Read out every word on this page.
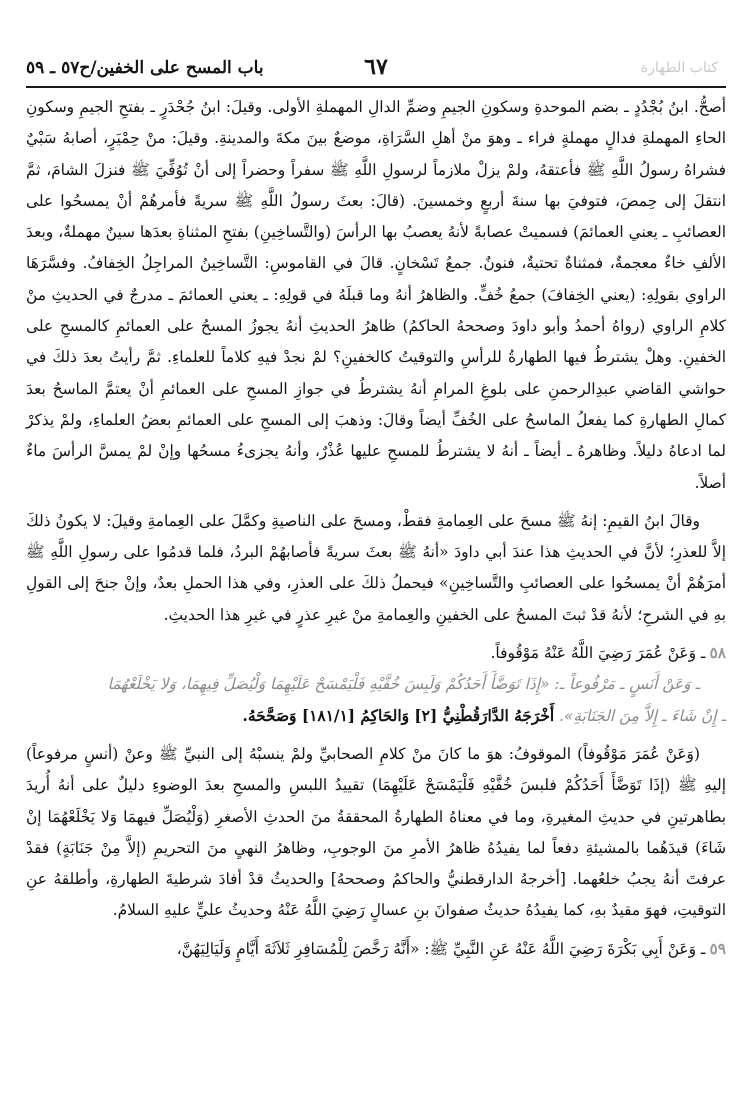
باب المسح على الخفين/ح٥٧ ـ ٥٩	٦٧	كتاب الطهارة

أصحُّ. ابنُ بُجْدُدٍ ـ بضم الموحدةِ وسكونِ الجيمِ وضمِّ الدالِ المهملةِ الأولى. وقيلَ: ابنُ جُحْدَرٍ ـ بفتحِ الجيمِ وسكونِ الحاءِ المهملةِ فدالٍ مهملةٍ فراء ـ وهوَ منْ أهلِ السَّرَاةِ، موضعٌ بينَ مكةَ والمدينةِ. وقيلَ: منْ حِمْيَرٍ، أصابهُ سَبْيٌ فشراهُ رسولُ اللَّهِ ﷺ فأعتقهُ، ولمْ يزلْ ملازماً لرسولِ اللَّهِ ﷺ سفراً وحضراً إلى أنْ تُوُفِّيَ ﷺ فنزلَ الشامَ، ثمَّ انتقلَ إلى حِمصَ، فتوفيَ بها سنةَ أربعٍ وخمسينَ. (قالَ: بعثَ رسولُ اللَّهِ ﷺ سريةً فأمرهُمْ أنْ يمسحُوا على العصائبِ ـ يعني العمائمَ) فسميتْ عصابةً لأنهُ يعصبُ بها الرأسَ (والتَّساخِينِ) بفتحِ المثناةِ بعدَها سينٌ مهملةٌ، وبعدَ الألفِ خاءٌ معجمةٌ، فمثناةٌ تحتيةٌ، فنونٌ. جمعُ تَسْخانٍ. قالَ في القاموسِ: التَّساخِينُ المراجِلُ الخِفافُ. وفسَّرَهَا الراوي بقولِهِ: (يعني الخِفافَ) جمعُ خُفٍّ. والظاهرُ أنهُ وما قبلَهُ في قولِهِ: ـ يعني العمائمَ ـ مدرجٌ في الحديثِ منْ كلامِ الراوي (رواهُ أحمدُ وأبو داودَ وصححهُ الحاكمُ) ظاهرُ الحديثِ أنهُ يجوزُ المسحُ على العمائمِ كالمسحِ على الخفينِ. وهلْ يشترطُ فيها الطهارةُ للرأسِ والتوقيتُ كالخفينِ؟ لمْ نجدْ فيهِ كلاماً للعلماءِ. ثمَّ رأيتُ بعدَ ذلكَ في حواشي القاضي عبدِالرحمنِ على بلوغِ المرامِ أنهُ يشترطُ في جوازِ المسحِ على العمائمِ أنْ يعتمَّ الماسحُ بعدَ كمالِ الطهارةِ كما يفعلُ الماسحُ على الخُفِّ أيضاً وقالَ: وذهبَ إلى المسحِ على العمائمِ بعضُ العلماءِ، ولمْ يذكرْ لما ادعاهُ دليلاً. وظاهرهُ ـ أيضاً ـ أنهُ لا يشترطُ للمسحِ عليها عُذْرٌ، وأنهُ يجزىءُ مسحُها وإنْ لمْ يمسَّ الرأسَ ماءٌ أصلاً.

وقالَ ابنُ القيمِ: إنهُ ﷺ مسحَ على العِمامةِ فقطْ، ومسحَ على الناصيةِ وكمَّلَ على العِمامةِ وقيلَ: لا يكونُ ذلكَ إلاَّ للعذرِ؛ لأنَّ في الحديثِ هذا عندَ أبي داودَ «أنهُ ﷺ بعثَ سريةً فأصابهُمْ البردُ، فلما قدمُوا على رسولِ اللَّهِ ﷺ أمرَهُمْ أنْ يمسحُوا على العصائبِ والتَّساخِينِ» فيحملُ ذلكَ على العذرِ، وفي هذا الحملِ بعدٌ، وإنْ جنحَ إلى القولِ بهِ في الشرحِ؛ لأنهُ قدْ ثبتَ المسحُ على الخفينِ والعِمامةِ منْ غيرِ عذرٍ في غيرِ هذا الحديثِ.

٥٨ـ وَعَنْ عُمَرَ رَضِيَ اللَّهُ عَنْهُ مَوْقُوفاً.

ـ وَعَنْ أَنَسٍ ـ مَرْفُوعاً ـ: «إِذَا تَوَضَّأَ أَحَدُكُمْ وَلَبِسَ خُفَّيْهِ فَلْيَمْسَحْ عَلَيْهِمَا وَلْيُصَلِّ فِيهِمَا، وَلا يَخْلَعْهُمَا

ـ إِنْ شَاءَ ـ إِلاَّ مِنَ الجَنَابَةِ». أَخْرَجَهُ الدَّارَقُطْنِيُّ [٢] وَالحَاكِمُ [١٨١/١] وَصَحَّحَهُ.

(وَعَنْ عُمَرَ مَوْقُوفاً) الموقوفُ: هوَ ما كانَ منْ كلامِ الصحابيِّ ولمْ ينسبْهُ إلى النبيِّ ﷺ وعنْ (أنسٍ مرفوعاً) إليهِ ﷺ (إذَا تَوَضَّأَ أَحَدُكُمْ فلبسَ خُفَّيْهِ فَلْيَمْسَحْ عَلَيْهِمَا) تقييدُ اللبسِ والمسحِ بعدَ الوضوءِ دليلٌ على أنهُ أُريدَ بطاهرتينِ في حديثِ المغيرةِ، وما في معناهُ الطهارةُ المحققةُ منَ الحدثِ الأصغرِ (وَلْيُصَلِّ فيهمَا وَلا يَخْلَعْهُمَا إنْ شَاءَ) قيدَهُما بالمشيئةِ دفعاً لما يفيدُهُ ظاهرُ الأمرِ منَ الوجوبِ، وظاهرُ النهيِ منَ التحريمِ (إلاَّ مِنْ جَنَابَةٍ) فقدْ عرفتَ أنهُ يجبُ خلعُهما. [أخرجهُ الدارقطنيُّ والحاكمُ وصححهُ] والحديثُ قدْ أفادَ شرطيةَ الطهارةِ، وأطلقهُ عنِ التوقيتِ، فهوَ مقيدٌ بهِ، كما يفيدُهُ حديثُ صفوانَ بنِ عسالٍ رَضِيَ اللَّهُ عَنْهُ وحديثُ عليٍّ عليهِ السلامُ.

٥٩ـ وَعَنْ أَبِي بَكْرَةَ رَضِيَ اللَّهُ عَنْهُ عَنِ النَّبِيِّ ﷺ: «أَنَّهُ رَخَّصَ لِلْمُسَافِرِ ثَلاَثَةَ أَيَّامٍ وَلَيَالِيَهُنَّ،
